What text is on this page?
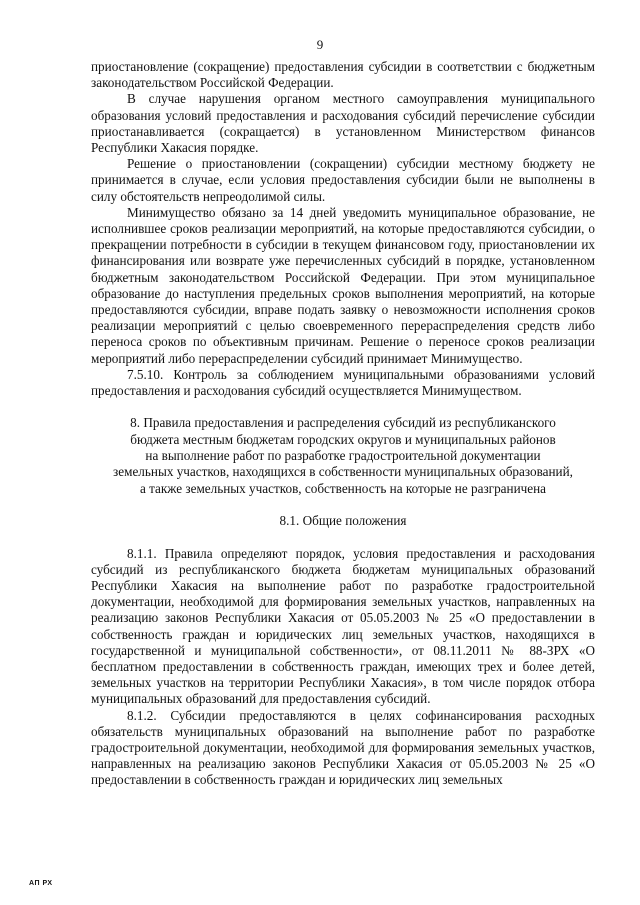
9

приостановление (сокращение) предоставления субсидии в соответствии с бюджетным законодательством Российской Федерации.

В случае нарушения органом местного самоуправления муниципального образования условий предоставления и расходования субсидий перечисление субсидии приостанавливается (сокращается) в установленном Министерством финансов Республики Хакасия порядке.

Решение о приостановлении (сокращении) субсидии местному бюджету не принимается в случае, если условия предоставления субсидии были не выполнены в силу обстоятельств непреодолимой силы.

Минимущество обязано за 14 дней уведомить муниципальное образование, не исполнившее сроков реализации мероприятий, на которые предоставляются субсидии, о прекращении потребности в субсидии в текущем финансовом году, приостановлении их финансирования или возврате уже перечисленных субсидий в порядке, установленном бюджетным законодательством Российской Федерации. При этом муниципальное образование до наступления предельных сроков выполнения мероприятий, на которые предоставляются субсидии, вправе подать заявку о невозможности исполнения сроков реализации мероприятий с целью своевременного перераспределения средств либо переноса сроков по объективным причинам. Решение о переносе сроков реализации мероприятий либо перераспределении субсидий принимает Минимущество.

7.5.10. Контроль за соблюдением муниципальными образованиями условий предоставления и расходования субсидий осуществляется Минимуществом.

8. Правила предоставления и распределения субсидий из республиканского
бюджета местным бюджетам городских округов и муниципальных районов
на выполнение работ по разработке градостроительной документации
земельных участков, находящихся в собственности муниципальных образований,
а также земельных участков, собственность на которые не разграничена
8.1. Общие положения

8.1.1. Правила определяют порядок, условия предоставления и расходования субсидий из республиканского бюджета бюджетам муниципальных образований Республики Хакасия на выполнение работ по разработке градостроительной документации, необходимой для формирования земельных участков, направленных на реализацию законов Республики Хакасия от 05.05.2003 № 25 «О предоставлении в собственность граждан и юридических лиц земельных участков, находящихся в государственной и муниципальной собственности», от 08.11.2011 № 88-ЗРХ «О бесплатном предоставлении в собственность граждан, имеющих трех и более детей, земельных участков на территории Республики Хакасия», в том числе порядок отбора муниципальных образований для предоставления субсидий.

8.1.2. Субсидии предоставляются в целях софинансирования расходных обязательств муниципальных образований на выполнение работ по разработке градостроительной документации, необходимой для формирования земельных участков, направленных на реализацию законов Республики Хакасия от 05.05.2003 № 25 «О предоставлении в собственность граждан и юридических лиц земельных

АП РХ
